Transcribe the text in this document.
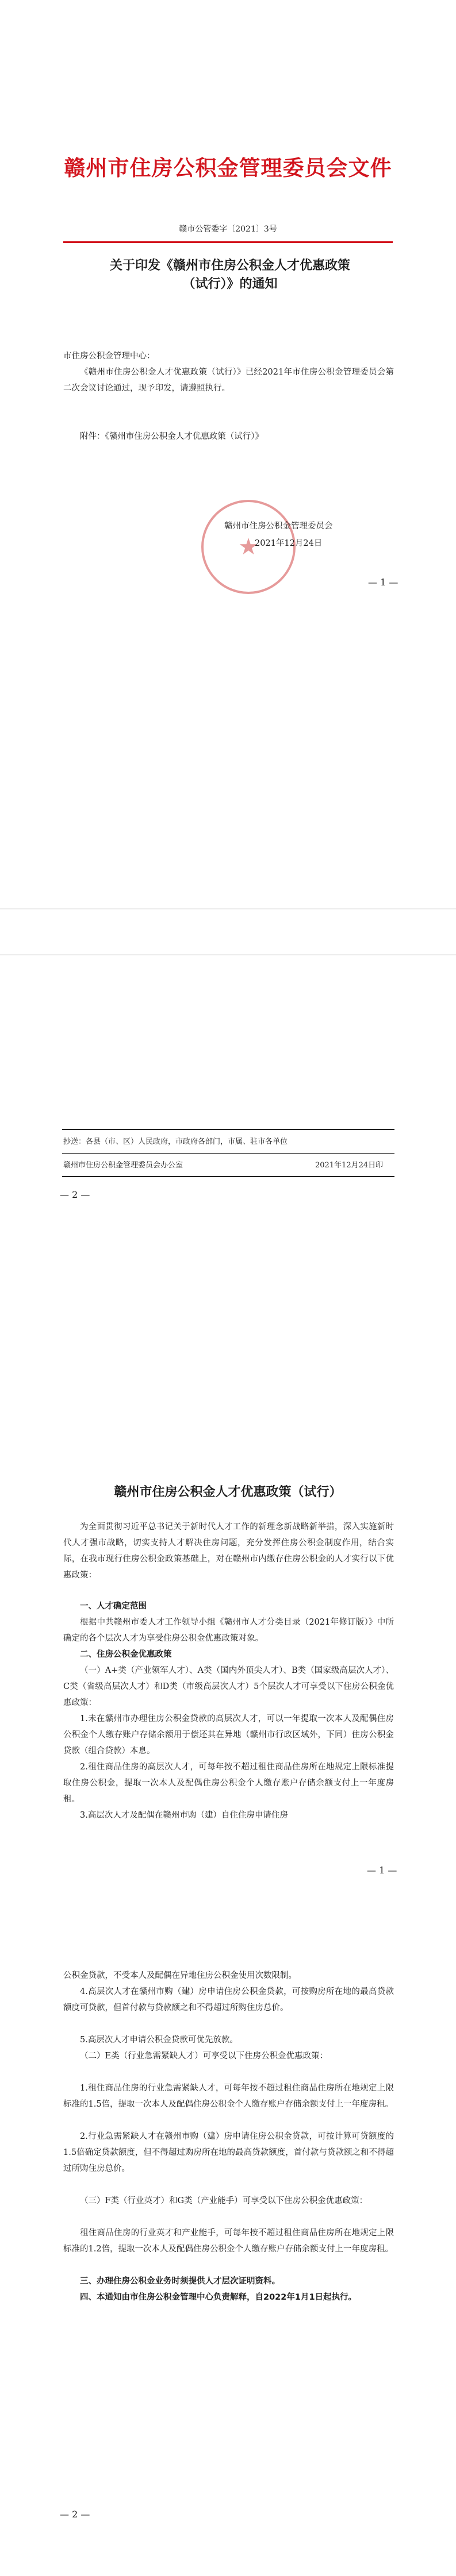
赣州市住房公积金管理委员会文件
赣市公管委字〔2021〕3号
关于印发《赣州市住房公积金人才优惠政策（试行）》的通知
市住房公积金管理中心：
《赣州市住房公积金人才优惠政策（试行）》已经2021年市住房公积金管理委员会第二次会议讨论通过，现予印发，请遵照执行。
附件：《赣州市住房公积金人才优惠政策（试行）》
★
赣州市住房公积金管理委员会
2021年12月24日
— 1 —
抄送：各县（市、区）人民政府，市政府各部门，市属、驻市各单位
赣州市住房公积金管理委员会办公室	2021年12月24日印
— 2 —
赣州市住房公积金人才优惠政策（试行）
为全面贯彻习近平总书记关于新时代人才工作的新理念新战略新举措，深入实施新时代人才强市战略，切实支持人才解决住房问题，充分发挥住房公积金制度作用，结合实际，在我市现行住房公积金政策基础上，对在赣州市内缴存住房公积金的人才实行以下优惠政策：
一、人才确定范围
根据中共赣州市委人才工作领导小组《赣州市人才分类目录（2021年修订版）》中所确定的各个层次人才为享受住房公积金优惠政策对象。
二、住房公积金优惠政策
（一）A+类（产业领军人才）、A类（国内外顶尖人才）、B类（国家级高层次人才）、C类（省级高层次人才）和D类（市级高层次人才）5个层次人才可享受以下住房公积金优惠政策：
1.未在赣州市办理住房公积金贷款的高层次人才，可以一年提取一次本人及配偶住房公积金个人缴存账户存储余额用于偿还其在异地（赣州市行政区域外，下同）住房公积金贷款（组合贷款）本息。
2.租住商品住房的高层次人才，可每年按不超过租住商品住房所在地规定上限标准提取住房公积金，提取一次本人及配偶住房公积金个人缴存账户存储余额支付上一年度房租。
3.高层次人才及配偶在赣州市购（建）自住住房申请住房
— 1 —
公积金贷款，不受本人及配偶在异地住房公积金使用次数限制。
4.高层次人才在赣州市购（建）房申请住房公积金贷款，可按购房所在地的最高贷款额度可贷款，但首付款与贷款额之和不得超过所购住房总价。
5.高层次人才申请公积金贷款可优先放款。
（二）E类（行业急需紧缺人才）可享受以下住房公积金优惠政策：
1.租住商品住房的行业急需紧缺人才，可每年按不超过租住商品住房所在地规定上限标准的1.5倍，提取一次本人及配偶住房公积金个人缴存账户存储余额支付上一年度房租。
2.行业急需紧缺人才在赣州市购（建）房申请住房公积金贷款，可按计算可贷额度的1.5倍确定贷款额度，但不得超过购房所在地的最高贷款额度，首付款与贷款额之和不得超过所购住房总价。
（三）F类（行业英才）和G类（产业能手）可享受以下住房公积金优惠政策：
租住商品住房的行业英才和产业能手，可每年按不超过租住商品住房所在地规定上限标准的1.2倍，提取一次本人及配偶住房公积金个人缴存账户存储余额支付上一年度房租。
三、办理住房公积金业务时须提供人才层次证明资料。
四、本通知由市住房公积金管理中心负责解释，自2022年1月1日起执行。
— 2 —
